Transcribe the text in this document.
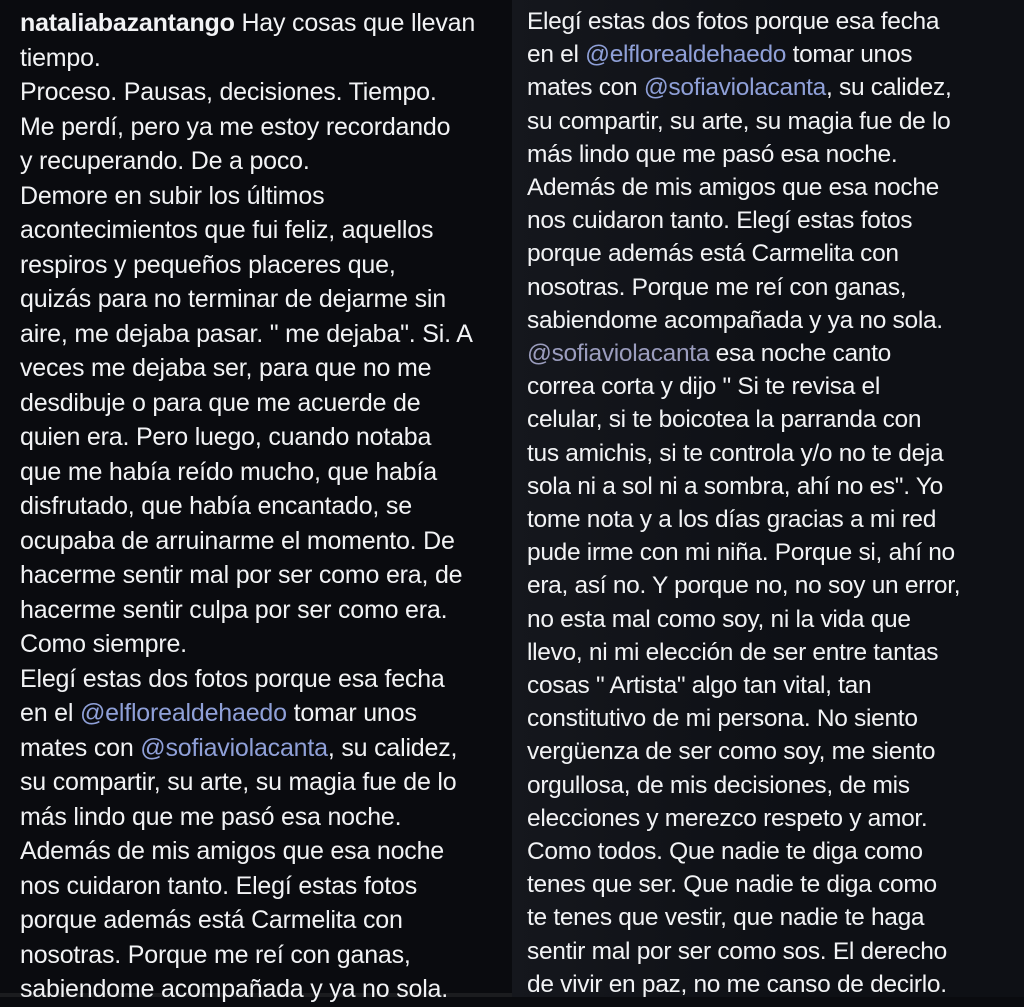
nataliabazantango Hay cosas que llevan
tiempo.
Proceso. Pausas, decisiones. Tiempo.
Me perdí, pero ya me estoy recordando
y recuperando. De a poco.
Demore en subir los últimos
acontecimientos que fui feliz, aquellos
respiros y pequeños placeres que,
quizás para no terminar de dejarme sin
aire, me dejaba pasar. " me dejaba". Si. A
veces me dejaba ser, para que no me
desdibuje o para que me acuerde de
quien era. Pero luego, cuando notaba
que me había reído mucho, que había
disfrutado, que había encantado, se
ocupaba de arruinarme el momento. De
hacerme sentir mal por ser como era, de
hacerme sentir culpa por ser como era.
Como siempre.
Elegí estas dos fotos porque esa fecha
en el @elflorealdehaedo tomar unos
mates con @sofiaviolacanta, su calidez,
su compartir, su arte, su magia fue de lo
más lindo que me pasó esa noche.
Además de mis amigos que esa noche
nos cuidaron tanto. Elegí estas fotos
porque además está Carmelita con
nosotras. Porque me reí con ganas,
sabiendome acompañada y ya no sola.
Elegí estas dos fotos porque esa fecha
en el @elflorealdehaedo tomar unos
mates con @sofiaviolacanta, su calidez,
su compartir, su arte, su magia fue de lo
más lindo que me pasó esa noche.
Además de mis amigos que esa noche
nos cuidaron tanto. Elegí estas fotos
porque además está Carmelita con
nosotras. Porque me reí con ganas,
sabiendome acompañada y ya no sola.
@sofiaviolacanta esa noche canto
correa corta y dijo " Si te revisa el
celular, si te boicotea la parranda con
tus amichis, si te controla y/o no te deja
sola ni a sol ni a sombra, ahí no es". Yo
tome nota y a los días gracias a mi red
pude irme con mi niña. Porque si, ahí no
era, así no. Y porque no, no soy un error,
no esta mal como soy, ni la vida que
llevo, ni mi elección de ser entre tantas
cosas " Artista" algo tan vital, tan
constitutivo de mi persona. No siento
vergüenza de ser como soy, me siento
orgullosa, de mis decisiones, de mis
elecciones y merezco respeto y amor.
Como todos. Que nadie te diga como
tenes que ser. Que nadie te diga como
te tenes que vestir, que nadie te haga
sentir mal por ser como sos. El derecho
de vivir en paz, no me canso de decirlo.
